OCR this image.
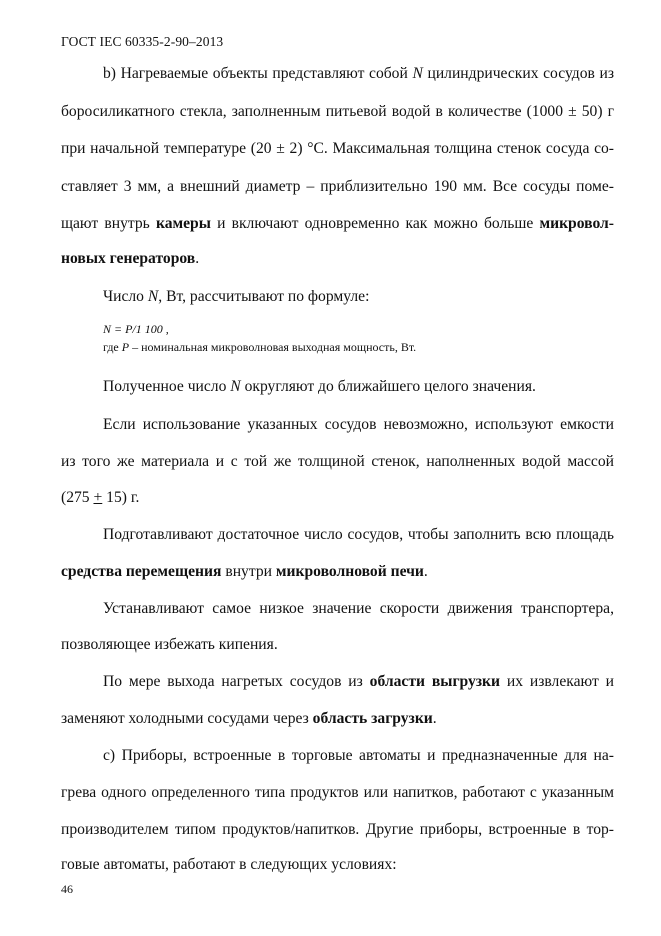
ГОСТ IEC 60335-2-90–2013
b) Нагреваемые объекты представляют собой N цилиндрических сосудов из
боросиликатного стекла, заполненным питьевой водой в количестве (1000 ± 50) г
при начальной температуре (20 ± 2) °С. Максимальная толщина стенок сосуда со-
ставляет 3 мм, а внешний диаметр – приблизительно 190 мм. Все сосуды поме-
щают внутрь камеры и включают одновременно как можно больше микровол-
новых генераторов.
Число N, Вт, рассчитывают по формуле:
N = P/1 100 ,
где P – номинальная микроволновая выходная мощность, Вт.
Полученное число N округляют до ближайшего целого значения.
Если использование указанных сосудов невозможно, используют емкости
из того же материала и с той же толщиной стенок, наполненных водой массой
(275 + 15) г.
Подготавливают достаточное число сосудов, чтобы заполнить всю площадь
средства перемещения внутри микроволновой печи.
Устанавливают самое низкое значение скорости движения транспортера,
позволяющее избежать кипения.
По мере выхода нагретых сосудов из области выгрузки их извлекают и
заменяют холодными сосудами через область загрузки.
c) Приборы, встроенные в торговые автоматы и предназначенные для на-
грева одного определенного типа продуктов или напитков, работают с указанным
производителем типом продуктов/напитков. Другие приборы, встроенные в тор-
говые автоматы, работают в следующих условиях:
46
